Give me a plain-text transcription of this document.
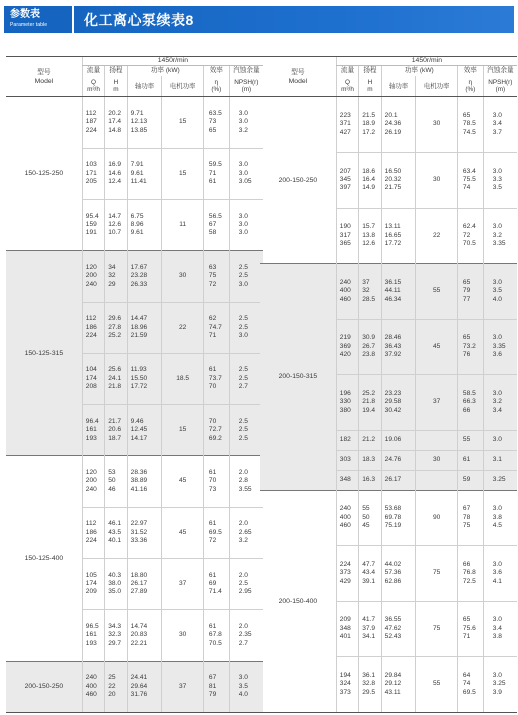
参数表
Parameter table	化工离心泵续表8
型号
Model	1450r/min					
	流量	扬程	功率 (kW)		效率	汽蚀余量
	Q
m³/h	H
m	轴功率	电机功率	η
(%)	NPSH(r)
(m)
150-125-250	112
187
224	20.2
17.4
14.8	9.71
12.13
13.85	15	63.5
73
65	3.0
3.0
3.2
	103
171
205	16.9
14.6
12.4	7.91
9.61
11.41	15	59.5
71
61	3.0
3.0
3.05
	95.4
159
191	14.7
12.6
10.7	6.75
8.96
9.61	11	56.5
67
58	3.0
3.0
3.0
150-125-315	120
200
240	34
32
29	17.67
23.28
26.33	30	63
75
72	2.5
2.5
3.0
	112
186
224	29.6
27.8
25.2	14.47
18.96
21.59	22	62
74.7
71	2.5
2.5
3.0
	104
174
208	25.6
24.1
21.8	11.93
15.50
17.72	18.5	61
73.7
70	2.5
2.5
2.7
	96.4
161
193	21.7
20.6
18.7	9.46
12.45
14.17	15	70
72.7
69.2	2.5
2.5
2.5
150-125-400	120
200
240	53
50
46	28.36
38.89
41.16	45	61
70
73	2.0
2.8
3.55
	112
186
224	46.1
43.5
40.1	22.97
31.52
33.36	45	61
69.5
72	2.0
2.65
3.2
	105
174
209	40.3
38.0
35.0	18.80
26.17
27.89	37	61
69
71.4	2.0
2.5
2.95
	96.5
161
193	34.3
32.3
29.7	14.74
20.83
22.21	30	61
67.8
70.5	2.0
2.35
2.7
200-150-250	240
400
460	25
22
20	24.41
29.64
31.76	37	67
81
79	3.0
3.5
4.0
型号
Model	1450r/min					
	流量	扬程	功率 (kW)		效率	汽蚀余量
	Q
m³/h	H
m	轴功率	电机功率	η
(%)	NPSH(r)
(m)
200-150-250	223
371
427	21.5
18.9
17.2	20.1
24.36
26.19	30	65
78.5
74.5	3.0
3.4
3.7
	207
345
397	18.6
16.4
14.9	16.50
20.32
21.75	30	63.4
75.5
74	3.0
3.3
3.5
	190
317
365	15.7
13.8
12.6	13.11
16.65
17.72	22	62.4
72
70.5	3.0
3.2
3.35
200-150-315	240
400
460	37
32
28.5	36.15
44.11
46.34	55	65
79
77	3.0
3.5
4.0
	219
369
420	30.9
26.7
23.8	28.46
36.43
37.92	45	65
73.2
76	3.0
3.35
3.6
	196
330
380	25.2
21.8
19.4	23.23
29.58
30.42	37	58.5
66.3
66	3.0
3.2
3.4
	182	21.2	19.06		55	3.0
	303	18.3	24.76	30	61	3.1
	348	16.3	26.17		59	3.25
200-150-400	240
400
460	55
50
45	53.68
69.78
75.19	90	67
78
75	3.0
3.8
4.5
	224
373
429	47.7
43.4
39.1	44.02
57.36
62.86	75	66
76.8
72.5	3.0
3.6
4.1
	209
348
401	41.7
37.9
34.1	36.55
47.62
52.43	75	65
75.6
71	3.0
3.4
3.8
	194
324
373	36.1
32.8
29.5	29.84
29.12
43.11	55	64
74
69.5	3.0
3.25
3.9
